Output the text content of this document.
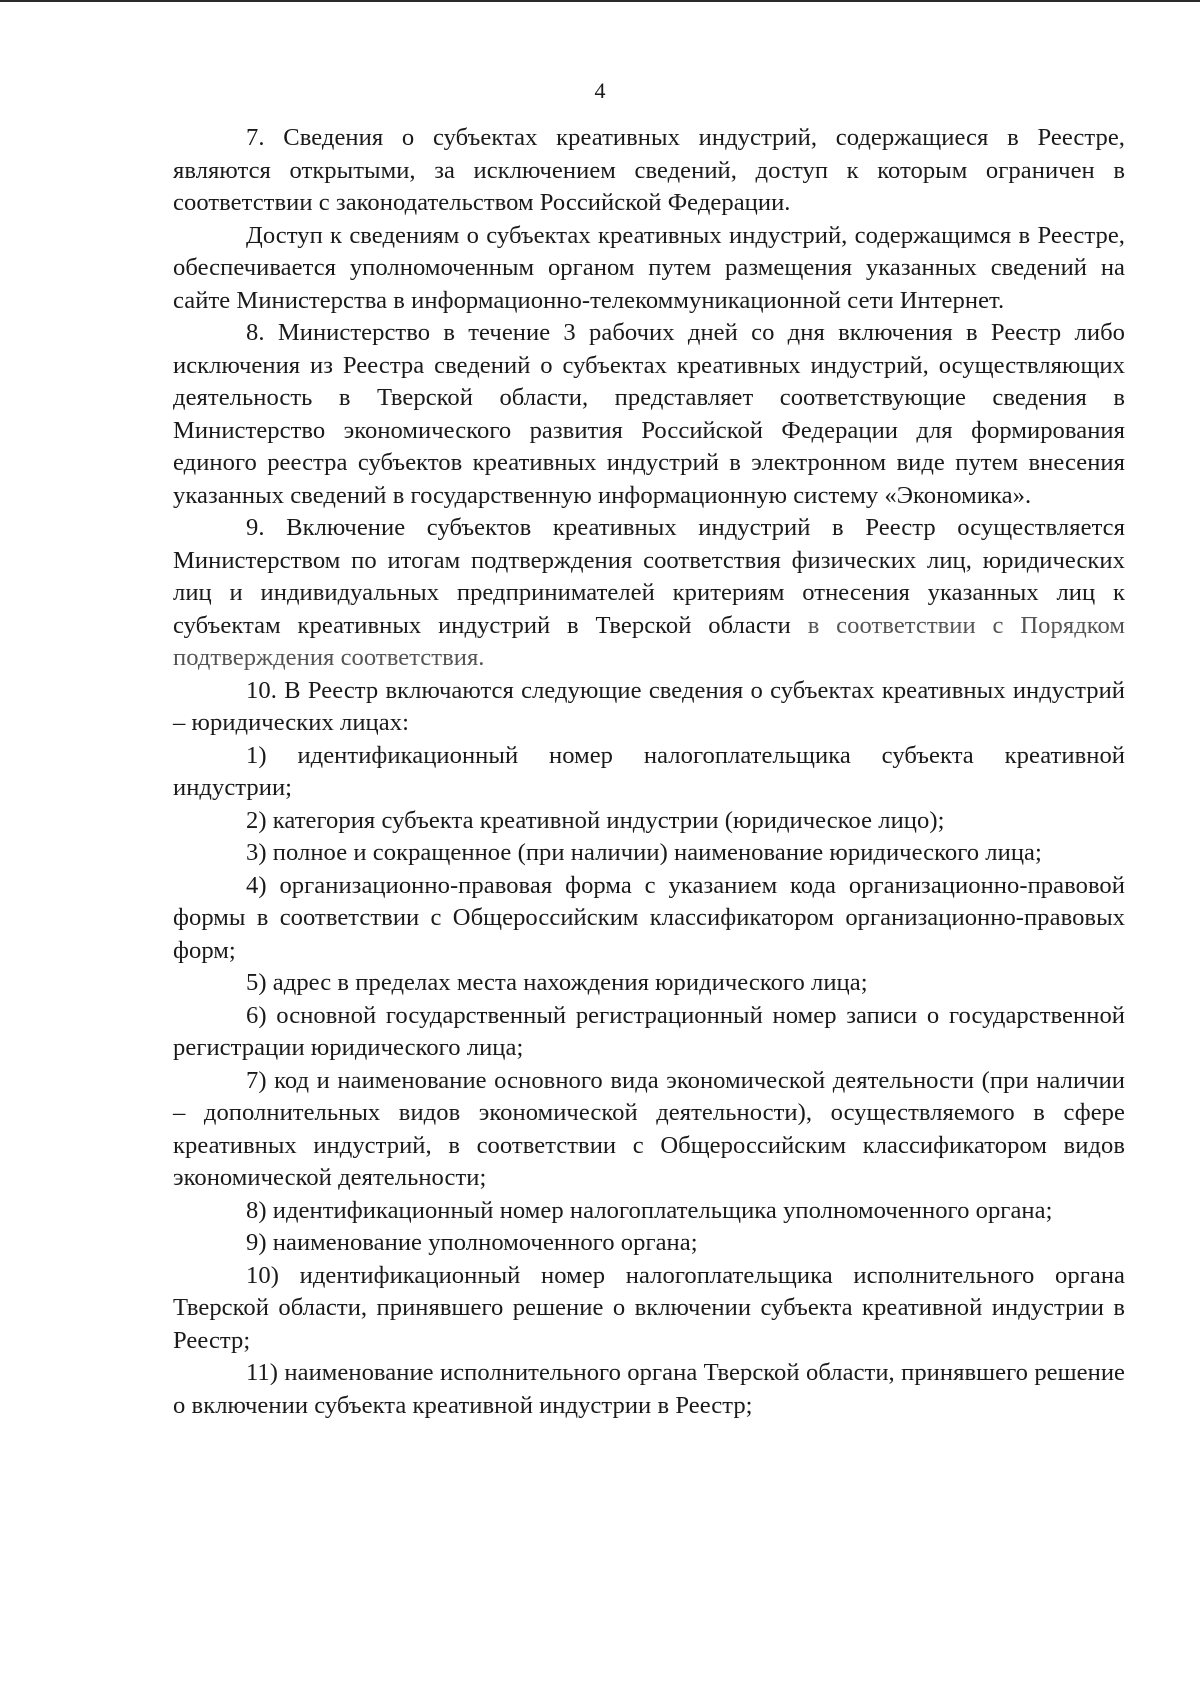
4

7. Сведения о субъектах креативных индустрий, содержащиеся в Реестре, являются открытыми, за исключением сведений, доступ к которым ограничен в соответствии с законодательством Российской Федерации.

Доступ к сведениям о субъектах креативных индустрий, содержащимся в Реестре, обеспечивается уполномоченным органом путем размещения указанных сведений на сайте Министерства в информационно-телекоммуникационной сети Интернет.

8. Министерство в течение 3 рабочих дней со дня включения в Реестр либо исключения из Реестра сведений о субъектах креативных индустрий, осуществляющих деятельность в Тверской области, представляет соответствующие сведения в Министерство экономического развития Российской Федерации для формирования единого реестра субъектов креативных индустрий в электронном виде путем внесения указанных сведений в государственную информационную систему «Экономика».

9. Включение субъектов креативных индустрий в Реестр осуществляется Министерством по итогам подтверждения соответствия физических лиц, юридических лиц и индивидуальных предпринимателей критериям отнесения указанных лиц к субъектам креативных индустрий в Тверской области в соответствии с Порядком подтверждения соответствия.

10. В Реестр включаются следующие сведения о субъектах креативных индустрий – юридических лицах:

1) идентификационный номер налогоплательщика субъекта креативной индустрии;

2) категория субъекта креативной индустрии (юридическое лицо);

3) полное и сокращенное (при наличии) наименование юридического лица;

4) организационно-правовая форма с указанием кода организационно-правовой формы в соответствии с Общероссийским классификатором организационно-правовых форм;

5) адрес в пределах места нахождения юридического лица;

6) основной государственный регистрационный номер записи о государственной регистрации юридического лица;

7) код и наименование основного вида экономической деятельности (при наличии – дополнительных видов экономической деятельности), осуществляемого в сфере креативных индустрий, в соответствии с Общероссийским классификатором видов экономической деятельности;

8) идентификационный номер налогоплательщика уполномоченного органа;

9) наименование уполномоченного органа;

10) идентификационный номер налогоплательщика исполнительного органа Тверской области, принявшего решение о включении субъекта креативной индустрии в Реестр;

11) наименование исполнительного органа Тверской области, принявшего решение о включении субъекта креативной индустрии в Реестр;
